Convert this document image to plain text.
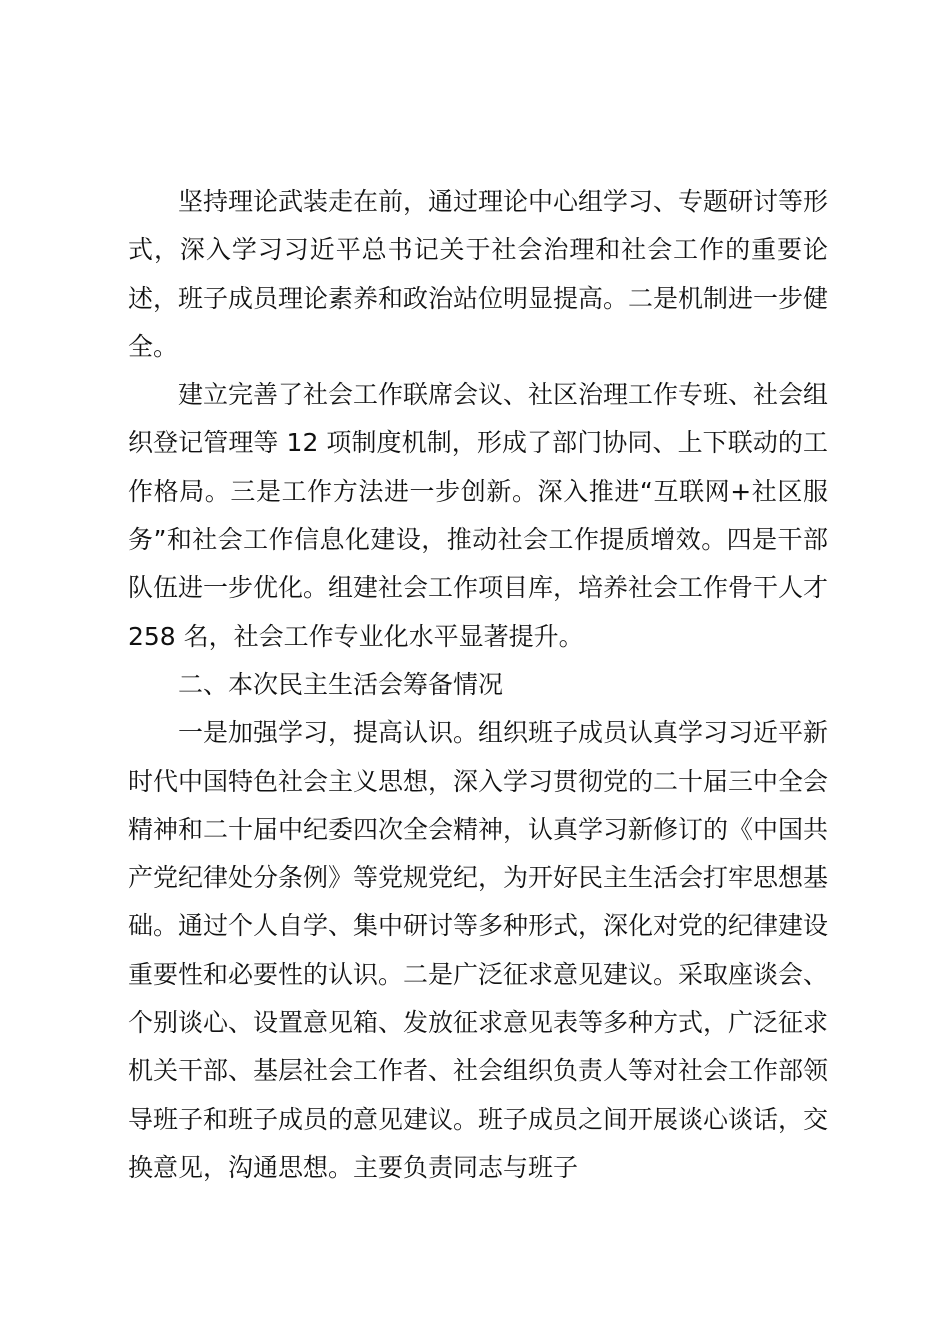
坚持理论武装走在前，通过理论中心组学习、专题研讨等形式，深入学习习近平总书记关于社会治理和社会工作的重要论述，班子成员理论素养和政治站位明显提高。二是机制进一步健全。

建立完善了社会工作联席会议、社区治理工作专班、社会组织登记管理等 12 项制度机制，形成了部门协同、上下联动的工作格局。三是工作方法进一步创新。深入推进“互联网+社区服务”和社会工作信息化建设，推动社会工作提质增效。四是干部队伍进一步优化。组建社会工作项目库，培养社会工作骨干人才 258 名，社会工作专业化水平显著提升。

二、本次民主生活会筹备情况

一是加强学习，提高认识。组织班子成员认真学习习近平新时代中国特色社会主义思想，深入学习贯彻党的二十届三中全会精神和二十届中纪委四次全会精神，认真学习新修订的《中国共产党纪律处分条例》等党规党纪，为开好民主生活会打牢思想基础。通过个人自学、集中研讨等多种形式，深化对党的纪律建设重要性和必要性的认识。二是广泛征求意见建议。采取座谈会、个别谈心、设置意见箱、发放征求意见表等多种方式，广泛征求机关干部、基层社会工作者、社会组织负责人等对社会工作部领导班子和班子成员的意见建议。班子成员之间开展谈心谈话，交换意见，沟通思想。主要负责同志与班子
